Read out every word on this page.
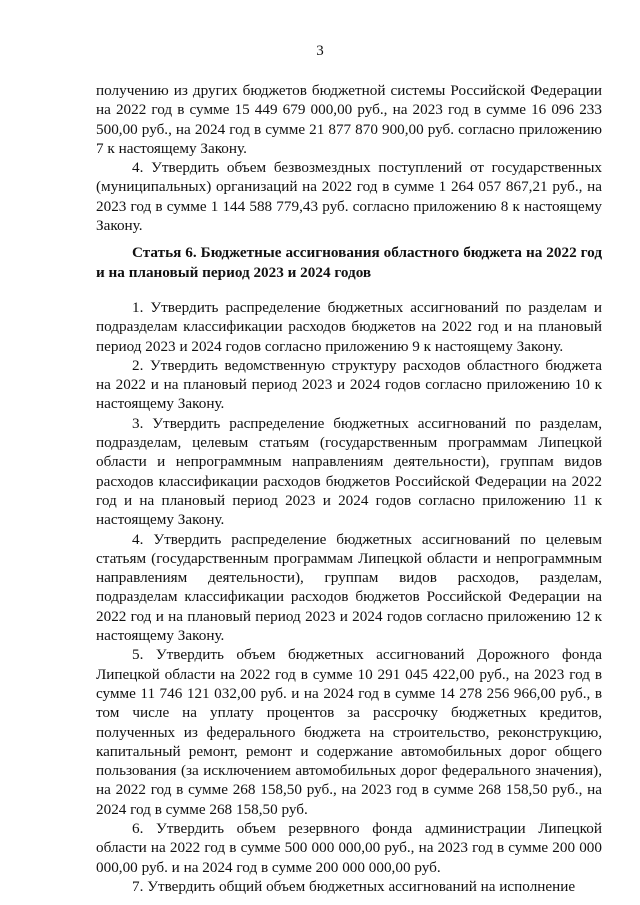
3

получению из других бюджетов бюджетной системы Российской Федерации на 2022 год в сумме 15 449 679 000,00 руб., на 2023 год в сумме 16 096 233 500,00 руб., на 2024 год в сумме 21 877 870 900,00 руб. согласно приложению 7 к настоящему Закону.

4. Утвердить объем безвозмездных поступлений от государственных (муниципальных) организаций на 2022 год в сумме 1 264 057 867,21 руб., на 2023 год в сумме 1 144 588 779,43 руб. согласно приложению 8 к настоящему Закону.

Статья 6. Бюджетные ассигнования областного бюджета на 2022 год и на плановый период 2023 и 2024 годов

1. Утвердить распределение бюджетных ассигнований по разделам и подразделам классификации расходов бюджетов на 2022 год и на плановый период 2023 и 2024 годов согласно приложению 9 к настоящему Закону.

2. Утвердить ведомственную структуру расходов областного бюджета на 2022 и на плановый период 2023 и 2024 годов согласно приложению 10 к настоящему Закону.

3. Утвердить распределение бюджетных ассигнований по разделам, подразделам, целевым статьям (государственным программам Липецкой области и непрограммным направлениям деятельности), группам видов расходов классификации расходов бюджетов Российской Федерации на 2022 год и на плановый период 2023 и 2024 годов согласно приложению 11 к настоящему Закону.

4. Утвердить распределение бюджетных ассигнований по целевым статьям (государственным программам Липецкой области и непрограммным направлениям деятельности), группам видов расходов, разделам, подразделам классификации расходов бюджетов Российской Федерации на 2022 год и на плановый период 2023 и 2024 годов согласно приложению 12 к настоящему Закону.

5. Утвердить объем бюджетных ассигнований Дорожного фонда Липецкой области на 2022 год в сумме 10 291 045 422,00 руб., на 2023 год в сумме 11 746 121 032,00 руб. и на 2024 год в сумме 14 278 256 966,00 руб., в том числе на уплату процентов за рассрочку бюджетных кредитов, полученных из федерального бюджета на строительство, реконструкцию, капитальный ремонт, ремонт и содержание автомобильных дорог общего пользования (за исключением автомобильных дорог федерального значения), на 2022 год в сумме 268 158,50 руб., на 2023 год в сумме 268 158,50 руб., на 2024 год в сумме 268 158,50 руб.

6. Утвердить объем резервного фонда администрации Липецкой области на 2022 год в сумме 500 000 000,00 руб., на 2023 год в сумме 200 000 000,00 руб. и на 2024 год в сумме 200 000 000,00 руб.

7. Утвердить общий объем бюджетных ассигнований на исполнение
